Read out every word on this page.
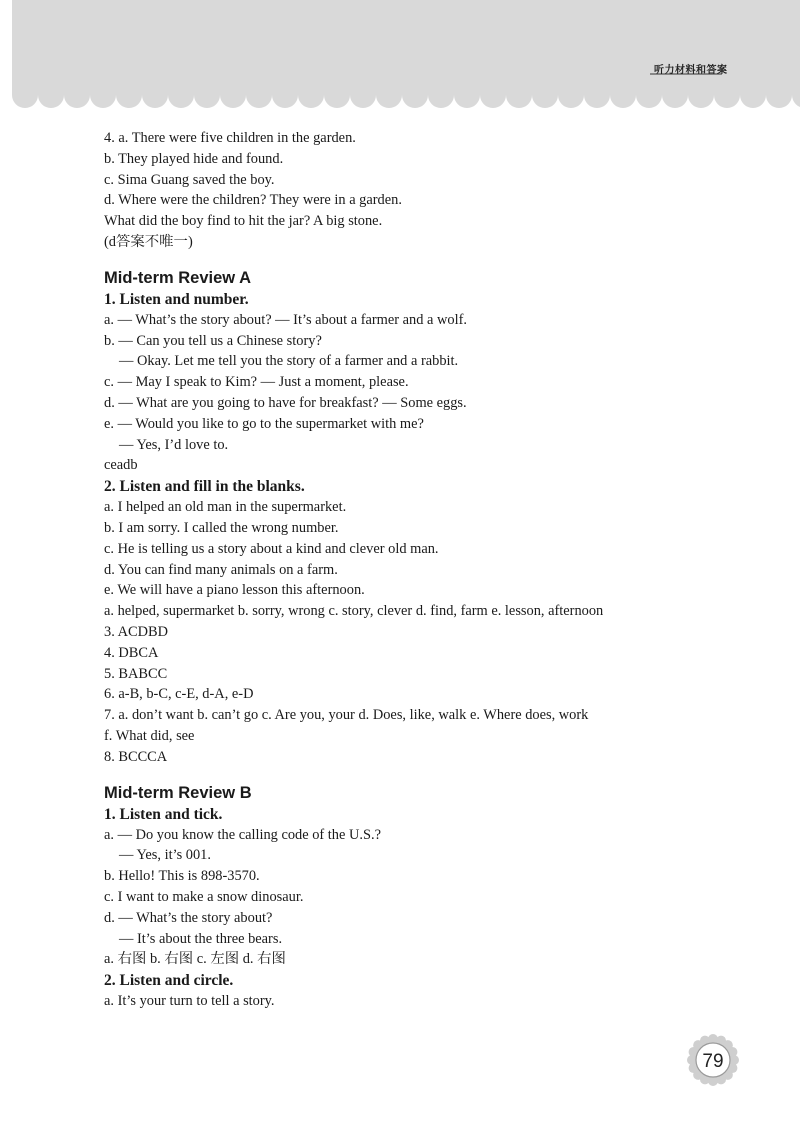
听力材料和答案
4. a. There were five children in the garden.
b. They played hide and found.
c. Sima Guang saved the boy.
d. Where were the children? They were in a garden.
What did the boy find to hit the jar? A big stone.
(d答案不唯一)
Mid-term Review A
1. Listen and number.
a. — What’s the story about? — It’s about a farmer and a wolf.
b. — Can you tell us a Chinese story?
— Okay. Let me tell you the story of a farmer and a rabbit.
c. — May I speak to Kim? — Just a moment, please.
d. — What are you going to have for breakfast? — Some eggs.
e. — Would you like to go to the supermarket with me?
— Yes, I’d love to.
ceadb
2. Listen and fill in the blanks.
a. I helped an old man in the supermarket.
b. I am sorry. I called the wrong number.
c. He is telling us a story about a kind and clever old man.
d. You can find many animals on a farm.
e. We will have a piano lesson this afternoon.
a. helped, supermarket b. sorry, wrong c. story, clever d. find, farm e. lesson, afternoon
3. ACDBD
4. DBCA
5. BABCC
6. a-B, b-C, c-E, d-A, e-D
7. a. don’t want b. can’t go c. Are you, your d. Does, like, walk e. Where does, work
f. What did, see
8. BCCCA
Mid-term Review B
1. Listen and tick.
a. — Do you know the calling code of the U.S.?
— Yes, it’s 001.
b. Hello! This is 898-3570.
c. I want to make a snow dinosaur.
d. — What’s the story about?
— It’s about the three bears.
a. 右图 b. 右图 c. 左图 d. 右图
2. Listen and circle.
a. It’s your turn to tell a story.
79
